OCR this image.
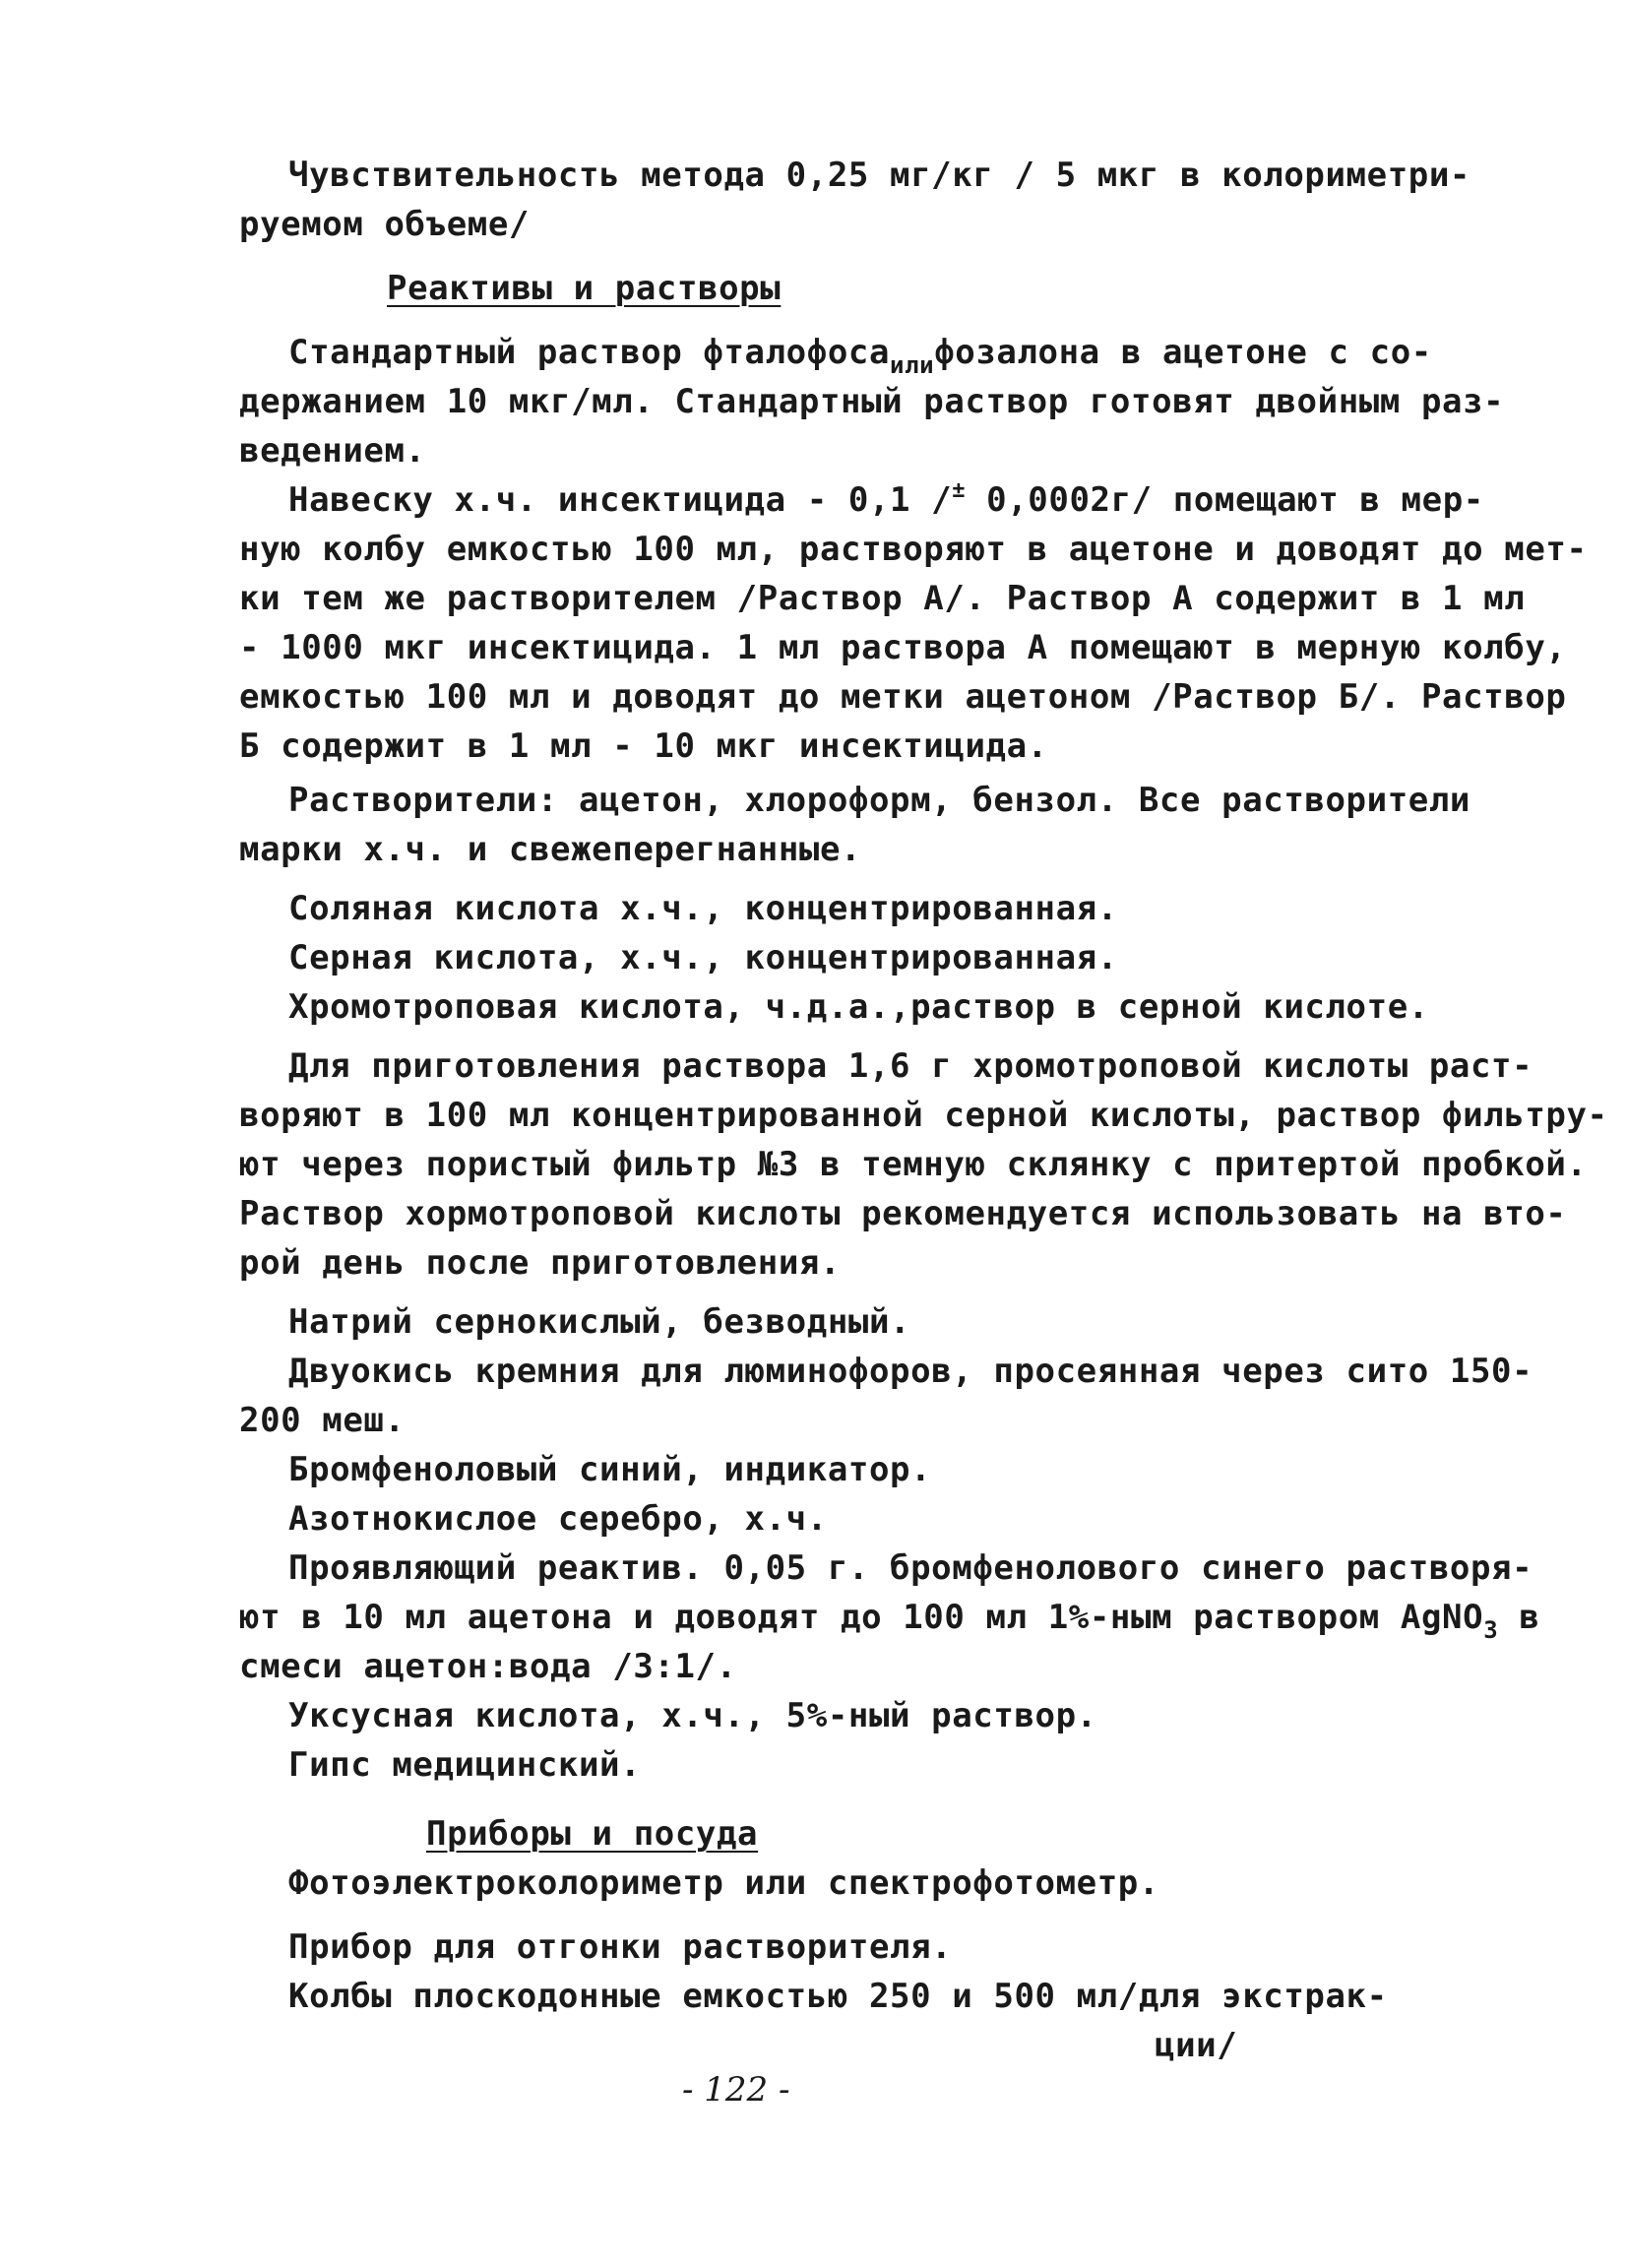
Чувствительность метода 0,25 мг/кг / 5 мкг в колориметри-
руемом объеме/
Реактивы и растворы
Стандартный раствор фталофоса$_{или}$фозалона в ацетоне с со-
держанием 10 мкг/мл. Стандартный раствор готовят двойным раз-
ведением.
Навеску х.ч. инсектицида - 0,1 /± 0,0002г/ помещают в мер-
ную колбу емкостью 100 мл, растворяют в ацетоне и доводят до мет-
ки тем же растворителем /Раствор А/. Раствор А содержит в 1 мл
- 1000 мкг инсектицида. 1 мл раствора А помещают в мерную колбу,
емкостью 100 мл и доводят до метки ацетоном /Раствор Б/. Раствор
Б содержит в 1 мл - 10 мкг инсектицида.
Растворители: ацетон, хлороформ, бензол. Все растворители
марки х.ч. и свежеперегнанные.
Соляная кислота х.ч., концентрированная.
Серная кислота, х.ч., концентрированная.
Хромотроповая кислота, ч.д.а.,раствор в серной кислоте.
Для приготовления раствора 1,6 г хромотроповой кислоты раст-
воряют в 100 мл концентрированной серной кислоты, раствор фильтру-
ют через пористый фильтр №3 в темную склянку с притертой пробкой.
Раствор хормотроповой кислоты рекомендуется использовать на вто-
рой день после приготовления.
Натрий сернокислый, безводный.
Двуокись кремния для люминофоров, просеянная через сито 150-
200 меш.
Бромфеноловый синий, индикатор.
Азотнокислое серебро, х.ч.
Проявляющий реактив. 0,05 г. бромфенолового синего растворя-
ют в 10 мл ацетона и доводят до 100 мл 1%-ным раствором AgNO$_3$ в
смеси ацетон:вода /3:1/.
Уксусная кислота, х.ч., 5%-ный раствор.
Гипс медицинский.
Приборы и посуда
Фотоэлектроколориметр или спектрофотометр.
Прибор для отгонки растворителя.
Колбы плоскодонные емкостью 250 и 500 мл/для экстрак-
ции/
- 122 -
